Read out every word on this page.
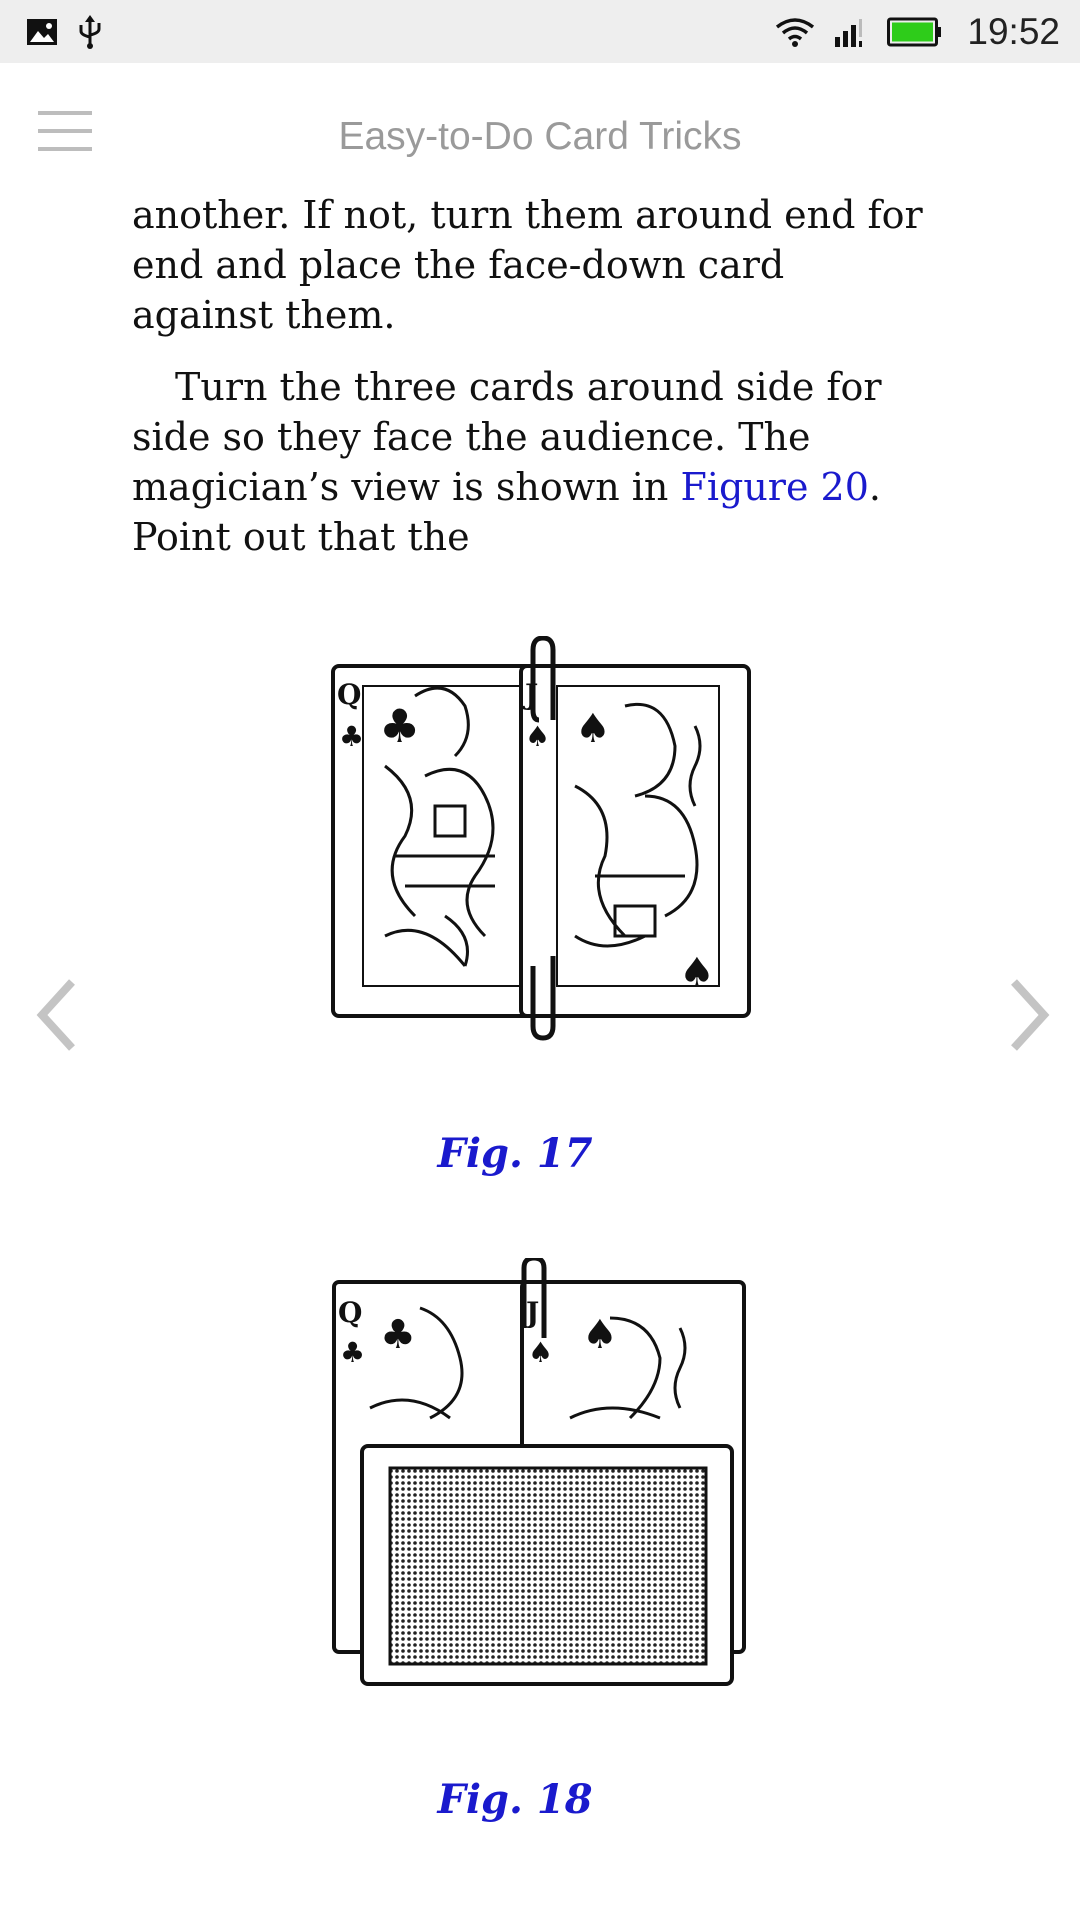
19:52
Easy-to-Do Card Tricks

another. If not, turn them around end for end and place the face-down card against them.

Turn the three cards around side for side so they face the audience. The magician’s view is shown in Figure 20. Point out that the

Q
♣ ♣
J
♠ ♠
♠
Fig. 17
Q
♣ ♣	J
♠ ♠
Fig. 18
